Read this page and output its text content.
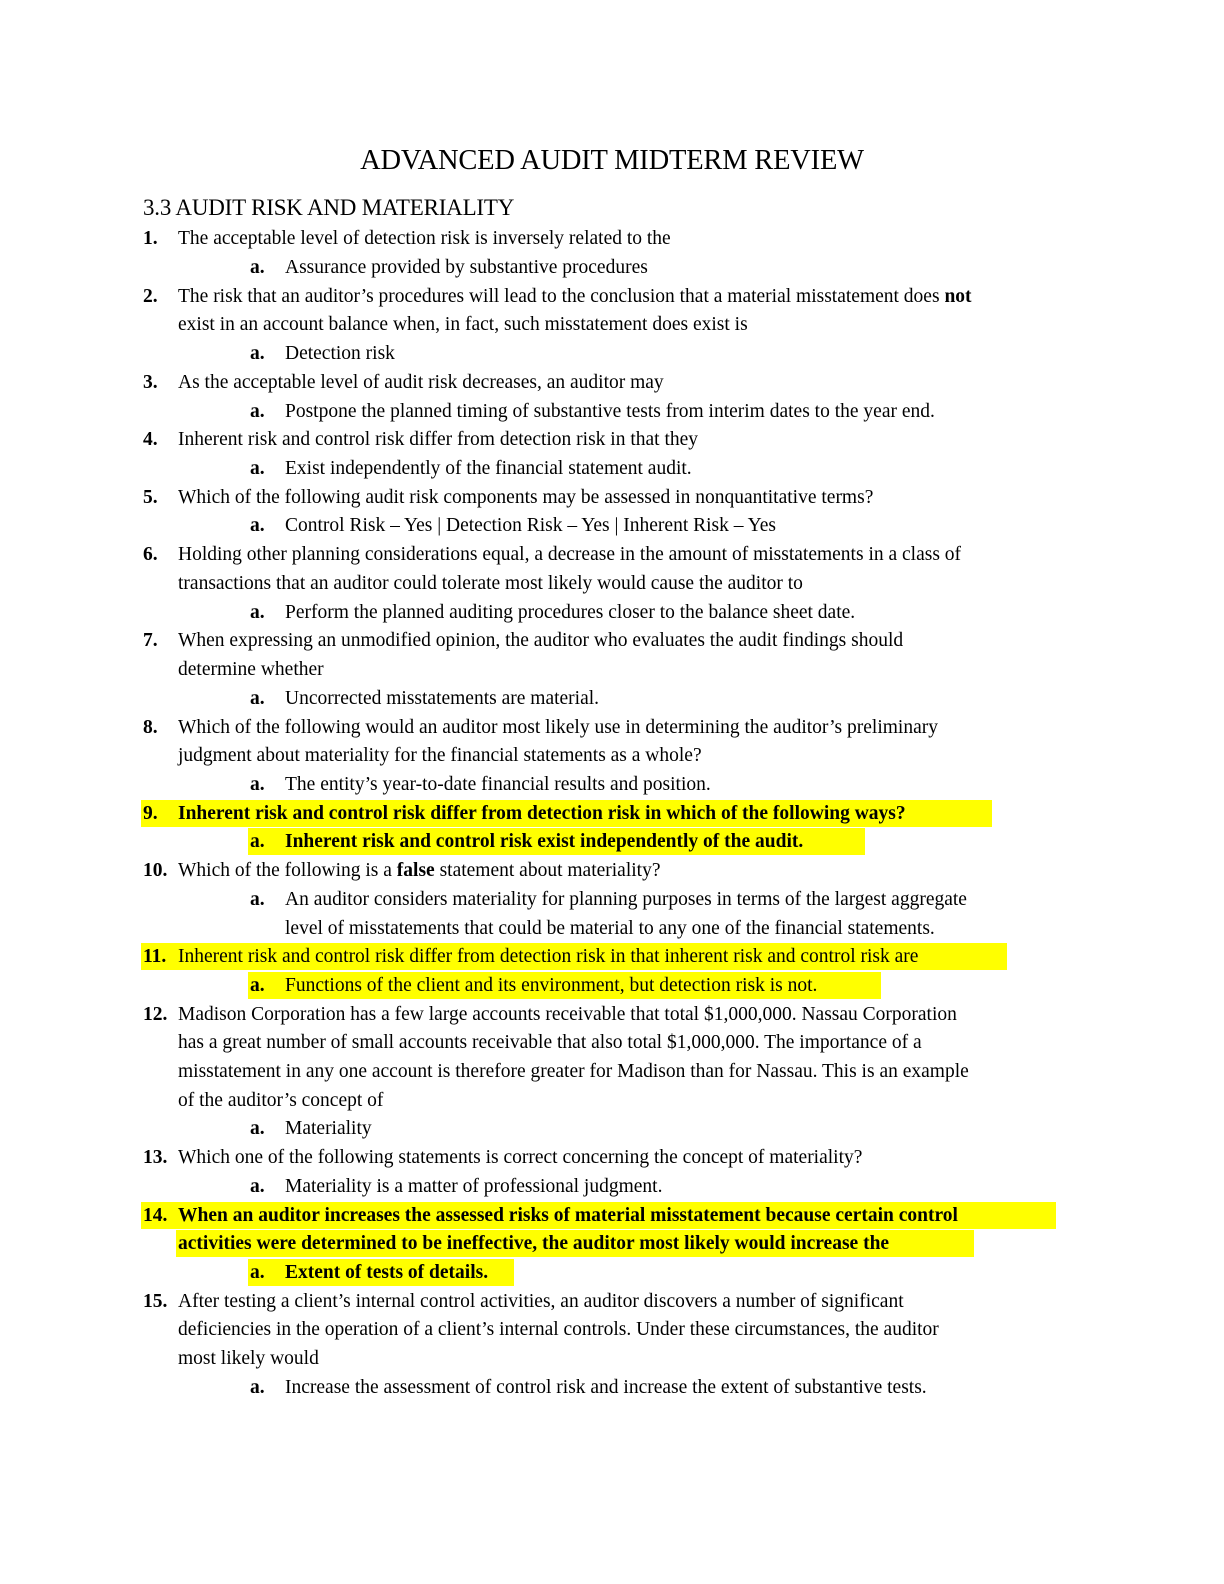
ADVANCED AUDIT MIDTERM REVIEW
3.3 AUDIT RISK AND MATERIALITY
1. The acceptable level of detection risk is inversely related to the
a. Assurance provided by substantive procedures
2. The risk that an auditor’s procedures will lead to the conclusion that a material misstatement does not
exist in an account balance when, in fact, such misstatement does exist is
a. Detection risk
3. As the acceptable level of audit risk decreases, an auditor may
a. Postpone the planned timing of substantive tests from interim dates to the year end.
4. Inherent risk and control risk differ from detection risk in that they
a. Exist independently of the financial statement audit.
5. Which of the following audit risk components may be assessed in nonquantitative terms?
a. Control Risk – Yes | Detection Risk – Yes | Inherent Risk – Yes
6. Holding other planning considerations equal, a decrease in the amount of misstatements in a class of
transactions that an auditor could tolerate most likely would cause the auditor to
a. Perform the planned auditing procedures closer to the balance sheet date.
7. When expressing an unmodified opinion, the auditor who evaluates the audit findings should
determine whether
a. Uncorrected misstatements are material.
8. Which of the following would an auditor most likely use in determining the auditor’s preliminary
judgment about materiality for the financial statements as a whole?
a. The entity’s year-to-date financial results and position.
9. Inherent risk and control risk differ from detection risk in which of the following ways?
a. Inherent risk and control risk exist independently of the audit.
10. Which of the following is a false statement about materiality?
a. An auditor considers materiality for planning purposes in terms of the largest aggregate
level of misstatements that could be material to any one of the financial statements.
11. Inherent risk and control risk differ from detection risk in that inherent risk and control risk are
a. Functions of the client and its environment, but detection risk is not.
12. Madison Corporation has a few large accounts receivable that total $1,000,000. Nassau Corporation
has a great number of small accounts receivable that also total $1,000,000. The importance of a
misstatement in any one account is therefore greater for Madison than for Nassau. This is an example
of the auditor’s concept of
a. Materiality
13. Which one of the following statements is correct concerning the concept of materiality?
a. Materiality is a matter of professional judgment.
14. When an auditor increases the assessed risks of material misstatement because certain control
activities were determined to be ineffective, the auditor most likely would increase the
a. Extent of tests of details.
15. After testing a client’s internal control activities, an auditor discovers a number of significant
deficiencies in the operation of a client’s internal controls. Under these circumstances, the auditor
most likely would
a. Increase the assessment of control risk and increase the extent of substantive tests.
